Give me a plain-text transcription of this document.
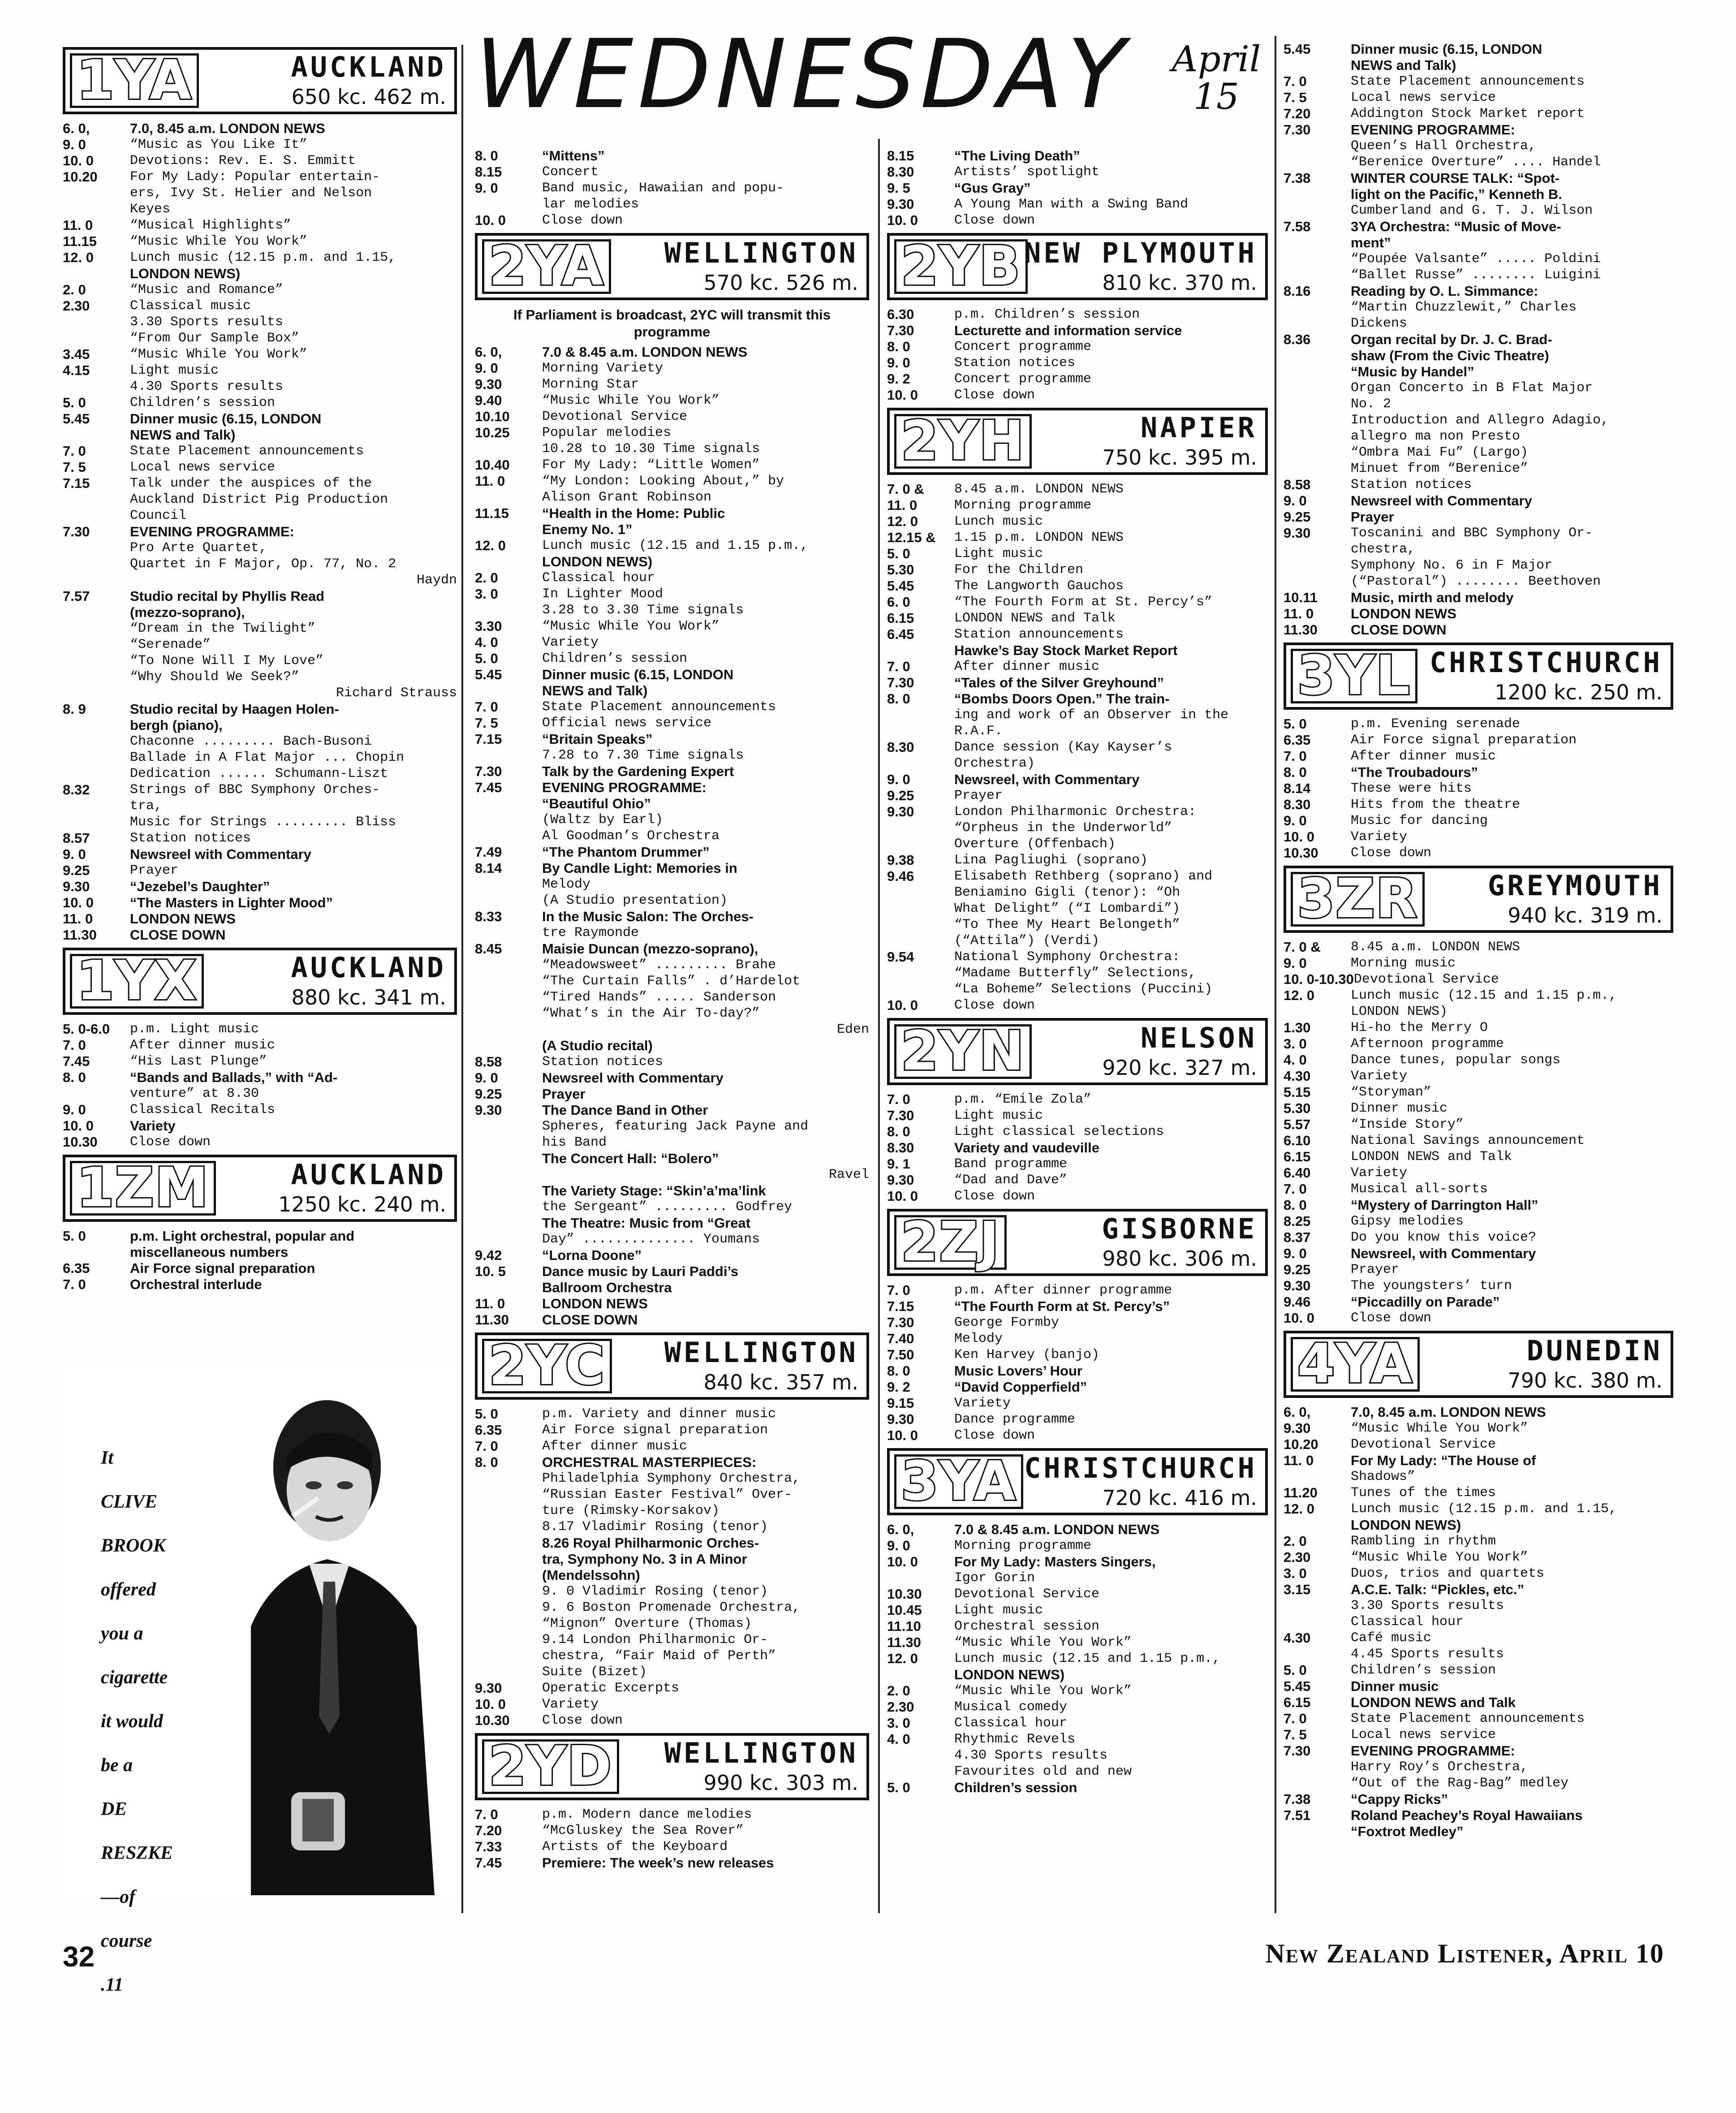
WEDNESDAY April
15
1YA	AUCKLAND
650 kc. 462 m.
6. 0,	7.0, 8.45 a.m. LONDON NEWS
9. 0	“Music as You Like It”
10. 0	Devotions: Rev. E. S. Emmitt
10.20	For My Lady: Popular entertain-
ers, Ivy St. Helier and Nelson
Keyes
11. 0	“Musical Highlights”
11.15	“Music While You Work”
12. 0	Lunch music (12.15 p.m. and 1.15,
LONDON NEWS)
2. 0	“Music and Romance”
2.30	Classical music
3.30 Sports results
“From Our Sample Box”
3.45	“Music While You Work”
4.15	Light music
4.30 Sports results
5. 0	Children’s session
5.45	Dinner music (6.15, LONDON
NEWS and Talk)
7. 0	State Placement announcements
7. 5	Local news service
7.15	Talk under the auspices of the
Auckland District Pig Production
Council
7.30	EVENING PROGRAMME:
Pro Arte Quartet,
Quartet in F Major, Op. 77, No. 2
Haydn
7.57	Studio recital by Phyllis Read
(mezzo-soprano),
“Dream in the Twilight”
“Serenade”
“To None Will I My Love”
“Why Should We Seek?”
Richard Strauss
8. 9	Studio recital by Haagen Holen-
bergh (piano),
Chaconne ......... Bach-Busoni
Ballade in A Flat Major ... Chopin
Dedication ...... Schumann-Liszt
8.32	Strings of BBC Symphony Orches-
tra,
Music for Strings ......... Bliss
8.57	Station notices
9. 0	Newsreel with Commentary
9.25	Prayer
9.30	“Jezebel’s Daughter”
10. 0	“The Masters in Lighter Mood”
11. 0	LONDON NEWS
11.30	CLOSE DOWN
1YX	AUCKLAND
880 kc. 341 m.
5. 0-6.0	p.m. Light music
7. 0	After dinner music
7.45	“His Last Plunge”
8. 0	“Bands and Ballads,” with “Ad-
venture” at 8.30
9. 0	Classical Recitals
10. 0	Variety
10.30	Close down
1ZM	AUCKLAND
1250 kc. 240 m.
5. 0	p.m. Light orchestral, popular and
miscellaneous numbers
6.35	Air Force signal preparation
7. 0	Orchestral interlude
8. 0	“Mittens”
8.15	Concert
9. 0	Band music, Hawaiian and popu-
lar melodies
10. 0	Close down
2YA WELLINGTON
570 kc. 526 m.
If Parliament is broadcast, 2YC will transmit this programme
6. 0,	7.0 & 8.45 a.m. LONDON NEWS
9. 0	Morning Variety
9.30	Morning Star
9.40	“Music While You Work”
10.10	Devotional Service
10.25	Popular melodies
10.28 to 10.30 Time signals
10.40	For My Lady: “Little Women”
11. 0	“My London: Looking About,” by
Alison Grant Robinson
11.15	“Health in the Home: Public
Enemy No. 1”
12. 0	Lunch music (12.15 and 1.15 p.m.,
LONDON NEWS)
2. 0	Classical hour
3. 0	In Lighter Mood
3.28 to 3.30 Time signals
3.30	“Music While You Work”
4. 0	Variety
5. 0	Children’s session
5.45	Dinner music (6.15, LONDON
NEWS and Talk)
7. 0	State Placement announcements
7. 5	Official news service
7.15	“Britain Speaks”
7.28 to 7.30 Time signals
7.30	Talk by the Gardening Expert
7.45	EVENING PROGRAMME:
“Beautiful Ohio”
(Waltz by Earl)
Al Goodman’s Orchestra
7.49	“The Phantom Drummer”
8.14	By Candle Light: Memories in
Melody
(A Studio presentation)
8.33	In the Music Salon: The Orches-
tre Raymonde
8.45	Maisie Duncan (mezzo-soprano),
“Meadowsweet” ......... Brahe
“The Curtain Falls” . d’Hardelot
“Tired Hands” ..... Sanderson
“What’s in the Air To-day?”
Eden
(A Studio recital)
8.58	Station notices
9. 0	Newsreel with Commentary
9.25	Prayer
9.30	The Dance Band in Other
Spheres, featuring Jack Payne and
his Band
The Concert Hall: “Bolero”
Ravel
The Variety Stage: “Skin’a’ma’link
the Sergeant” ......... Godfrey
The Theatre: Music from “Great
Day” .............. Youmans
9.42	“Lorna Doone”
10. 5	Dance music by Lauri Paddi’s
Ballroom Orchestra
11. 0	LONDON NEWS
11.30	CLOSE DOWN
2YC WELLINGTON
840 kc. 357 m.
5. 0	p.m. Variety and dinner music
6.35	Air Force signal preparation
7. 0	After dinner music
8. 0	ORCHESTRAL MASTERPIECES:
Philadelphia Symphony Orchestra,
“Russian Easter Festival” Over-
ture (Rimsky-Korsakov)
8.17 Vladimir Rosing (tenor)
8.26 Royal Philharmonic Orches-
tra, Symphony No. 3 in A Minor
(Mendelssohn)
9. 0 Vladimir Rosing (tenor)
9. 6 Boston Promenade Orchestra,
“Mignon” Overture (Thomas)
9.14 London Philharmonic Or-
chestra, “Fair Maid of Perth”
Suite (Bizet)
9.30	Operatic Excerpts
10. 0	Variety
10.30	Close down
2YD WELLINGTON
990 kc. 303 m.
7. 0	p.m. Modern dance melodies
7.20	“McGluskey the Sea Rover”
7.33	Artists of the Keyboard
7.45	Premiere: The week’s new releases
8.15	“The Living Death”
8.30	Artists’ spotlight
9. 5	“Gus Gray”
9.30	A Young Man with a Swing Band
10. 0	Close down
2YB NEW PLYMOUTH
810 kc. 370 m.
6.30	p.m. Children’s session
7.30	Lecturette and information service
8. 0	Concert programme
9. 0	Station notices
9. 2	Concert programme
10. 0	Close down
2YH	NAPIER
750 kc. 395 m.
7. 0 &	8.45 a.m. LONDON NEWS
11. 0	Morning programme
12. 0	Lunch music
12.15 &	1.15 p.m. LONDON NEWS
5. 0	Light music
5.30	For the Children
5.45	The Langworth Gauchos
6. 0	“The Fourth Form at St. Percy’s”
6.15	LONDON NEWS and Talk
6.45	Station announcements
Hawke’s Bay Stock Market Report
7. 0	After dinner music
7.30	“Tales of the Silver Greyhound”
8. 0	“Bombs Doors Open.” The train-
ing and work of an Observer in the
R.A.F.
8.30	Dance session (Kay Kayser’s
Orchestra)
9. 0	Newsreel, with Commentary
9.25	Prayer
9.30	London Philharmonic Orchestra:
“Orpheus in the Underworld”
Overture (Offenbach)
9.38	Lina Pagliughi (soprano)
9.46	Elisabeth Rethberg (soprano) and
Beniamino Gigli (tenor): “Oh
What Delight” (“I Lombardi”)
“To Thee My Heart Belongeth”
(“Attila”) (Verdi)
9.54	National Symphony Orchestra:
“Madame Butterfly” Selections,
“La Boheme” Selections (Puccini)
10. 0	Close down
2YN	NELSON
920 kc. 327 m.
7. 0	p.m. “Emile Zola”
7.30	Light music
8. 0	Light classical selections
8.30	Variety and vaudeville
9. 1	Band programme
9.30	“Dad and Dave”
10. 0	Close down
2ZJ	GISBORNE
980 kc. 306 m.
7. 0	p.m. After dinner programme
7.15	“The Fourth Form at St. Percy’s”
7.30	George Formby
7.40	Melody
7.50	Ken Harvey (banjo)
8. 0	Music Lovers’ Hour
9. 2	“David Copperfield”
9.15	Variety
9.30	Dance programme
10. 0	Close down
3YA CHRISTCHURCH
720 kc. 416 m.
6. 0,	7.0 & 8.45 a.m. LONDON NEWS
9. 0	Morning programme
10. 0	For My Lady: Masters Singers,
Igor Gorin
10.30	Devotional Service
10.45	Light music
11.10	Orchestral session
11.30	“Music While You Work”
12. 0	Lunch music (12.15 and 1.15 p.m.,
LONDON NEWS)
2. 0	“Music While You Work”
2.30	Musical comedy
3. 0	Classical hour
4. 0	Rhythmic Revels
4.30 Sports results
Favourites old and new
5. 0	Children’s session
5.45	Dinner music (6.15, LONDON
NEWS and Talk)
7. 0	State Placement announcements
7. 5	Local news service
7.20	Addington Stock Market report
7.30	EVENING PROGRAMME:
Queen’s Hall Orchestra,
“Berenice Overture” .... Handel
7.38	WINTER COURSE TALK: “Spot-
light on the Pacific,” Kenneth B.
Cumberland and G. T. J. Wilson
7.58	3YA Orchestra: “Music of Move-
ment”
“Poupée Valsante” ..... Poldini
“Ballet Russe” ........ Luigini
8.16	Reading by O. L. Simmance:
“Martin Chuzzlewit,” Charles
Dickens
8.36	Organ recital by Dr. J. C. Brad-
shaw (From the Civic Theatre)
“Music by Handel”
Organ Concerto in B Flat Major
No. 2
Introduction and Allegro Adagio,
allegro ma non Presto
“Ombra Mai Fu” (Largo)
Minuet from “Berenice”
8.58	Station notices
9. 0	Newsreel with Commentary
9.25	Prayer
9.30	Toscanini and BBC Symphony Or-
chestra,
Symphony No. 6 in F Major
(“Pastoral”) ........ Beethoven
10.11	Music, mirth and melody
11. 0	LONDON NEWS
11.30	CLOSE DOWN
3YL CHRISTCHURCH
1200 kc. 250 m.
5. 0	p.m. Evening serenade
6.35	Air Force signal preparation
7. 0	After dinner music
8. 0	“The Troubadours”
8.14	These were hits
8.30	Hits from the theatre
9. 0	Music for dancing
10. 0	Variety
10.30	Close down
3ZR	GREYMOUTH
940 kc. 319 m.
7. 0 &	8.45 a.m. LONDON NEWS
9. 0	Morning music
10. 0-10.30 Devotional Service
12. 0	Lunch music (12.15 and 1.15 p.m.,
LONDON NEWS)
1.30	Hi-ho the Merry O
3. 0	Afternoon programme
4. 0	Dance tunes, popular songs
4.30	Variety
5.15	“Storyman”
5.30	Dinner music
5.57	“Inside Story”
6.10	National Savings announcement
6.15	LONDON NEWS and Talk
6.40	Variety
7. 0	Musical all-sorts
8. 0	“Mystery of Darrington Hall”
8.25	Gipsy melodies
8.37	Do you know this voice?
9. 0	Newsreel, with Commentary
9.25	Prayer
9.30	The youngsters’ turn
9.46	“Piccadilly on Parade”
10. 0	Close down
4YA	DUNEDIN
790 kc. 380 m.
6. 0,	7.0, 8.45 a.m. LONDON NEWS
9.30	“Music While You Work”
10.20	Devotional Service
11. 0	For My Lady: “The House of
Shadows”
11.20	Tunes of the times
12. 0	Lunch music (12.15 p.m. and 1.15,
LONDON NEWS)
2. 0	Rambling in rhythm
2.30	“Music While You Work”
3. 0	Duos, trios and quartets
3.15	A.C.E. Talk: “Pickles, etc.”
3.30 Sports results
Classical hour
4.30	Café music
4.45 Sports results
5. 0	Children’s session
5.45	Dinner music
6.15	LONDON NEWS and Talk
7. 0	State Placement announcements
7. 5	Local news service
7.30	EVENING PROGRAMME:
Harry Roy’s Orchestra,
“Out of the Rag-Bag” medley
7.38	“Cappy Ricks”
7.51	Roland Peachey’s Royal Hawaiians
“Foxtrot Medley”
It
CLIVE
BROOK
offered
you a
cigarette
it would
be a
DE
RESZKE
—of
course
.11
32	New Zealand Listener, April 10
